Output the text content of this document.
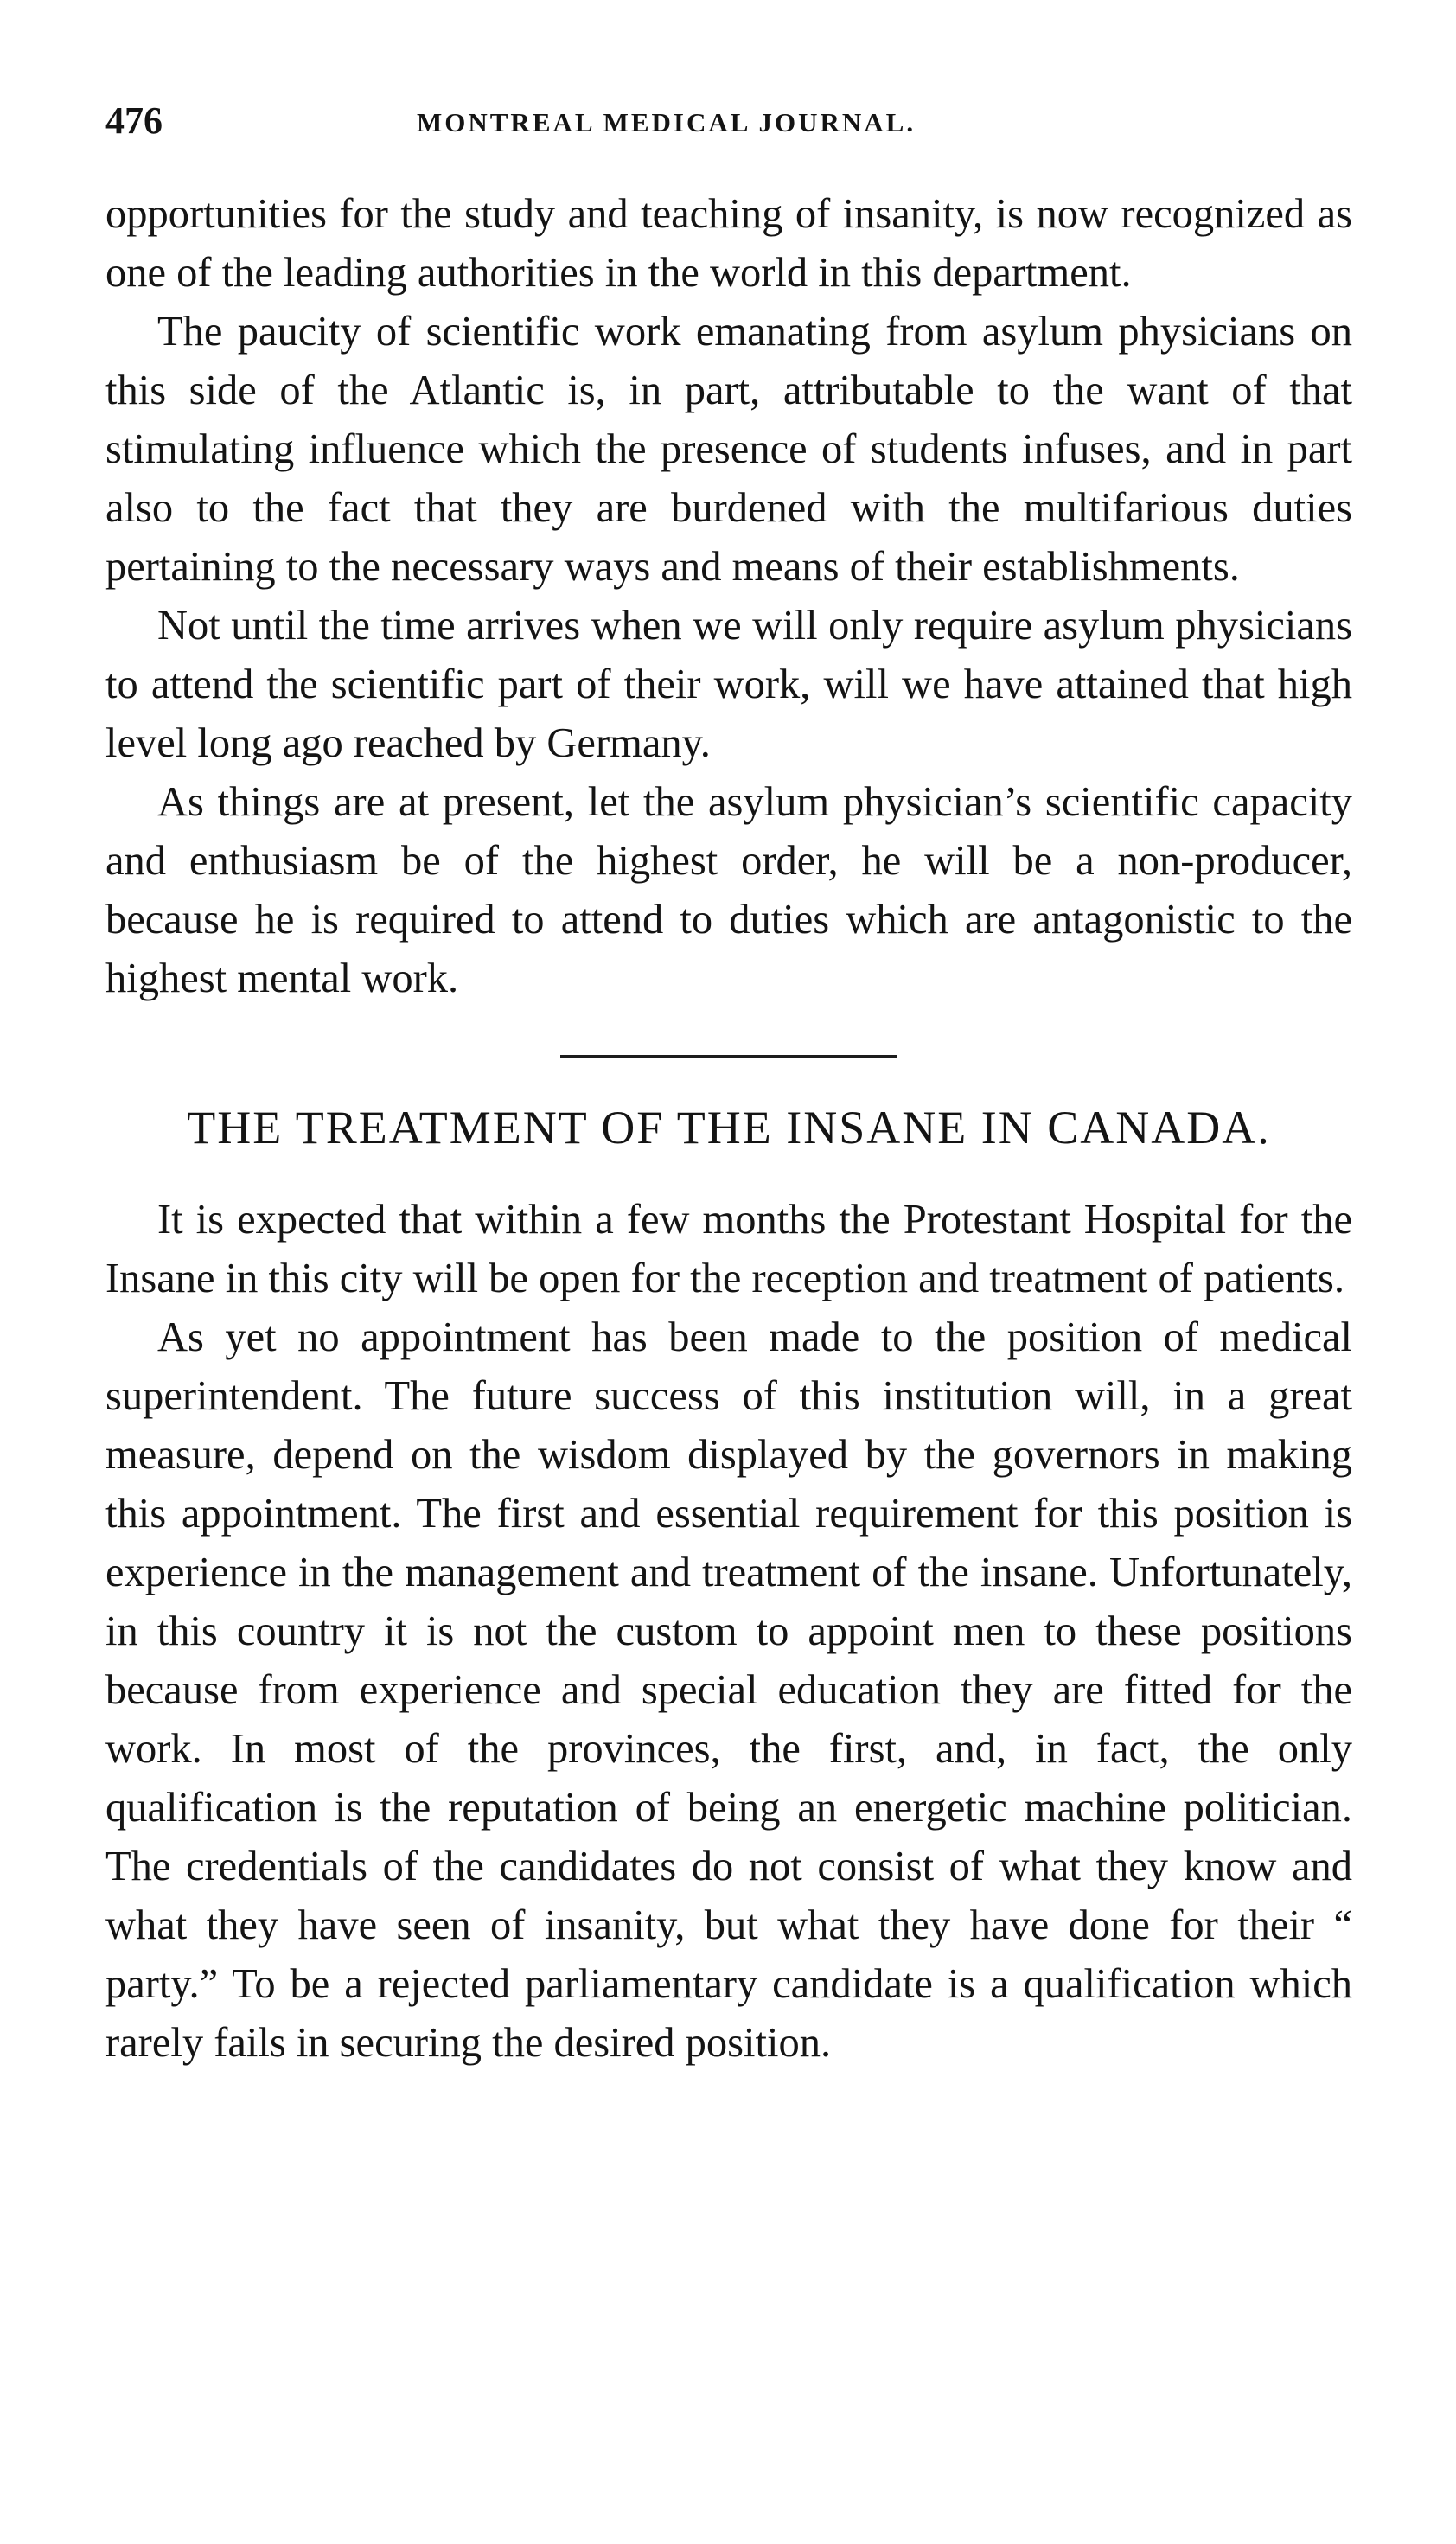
476	MONTREAL MEDICAL JOURNAL.

opportunities for the study and teaching of insanity, is now recognized as one of the leading authorities in the world in this department.

The paucity of scientific work emanating from asylum physicians on this side of the Atlantic is, in part, attributable to the want of that stimulating influence which the presence of students infuses, and in part also to the fact that they are burdened with the multifarious duties pertaining to the necessary ways and means of their establishments.

Not until the time arrives when we will only require asylum physicians to attend the scientific part of their work, will we have attained that high level long ago reached by Germany.

As things are at present, let the asylum physician’s scientific capacity and enthusiasm be of the highest order, he will be a non-producer, because he is required to attend to duties which are antagonistic to the highest mental work.

THE TREATMENT OF THE INSANE IN CANADA.

It is expected that within a few months the Protestant Hospital for the Insane in this city will be open for the reception and treatment of patients.

As yet no appointment has been made to the position of medical superintendent. The future success of this institution will, in a great measure, depend on the wisdom displayed by the governors in making this appointment. The first and essential requirement for this position is experience in the management and treatment of the insane. Unfortunately, in this country it is not the custom to appoint men to these positions because from experience and special education they are fitted for the work. In most of the provinces, the first, and, in fact, the only qualification is the reputation of being an energetic machine politician. The credentials of the candidates do not consist of what they know and what they have seen of insanity, but what they have done for their “ party.” To be a rejected parliamentary candidate is a qualification which rarely fails in securing the desired position.
